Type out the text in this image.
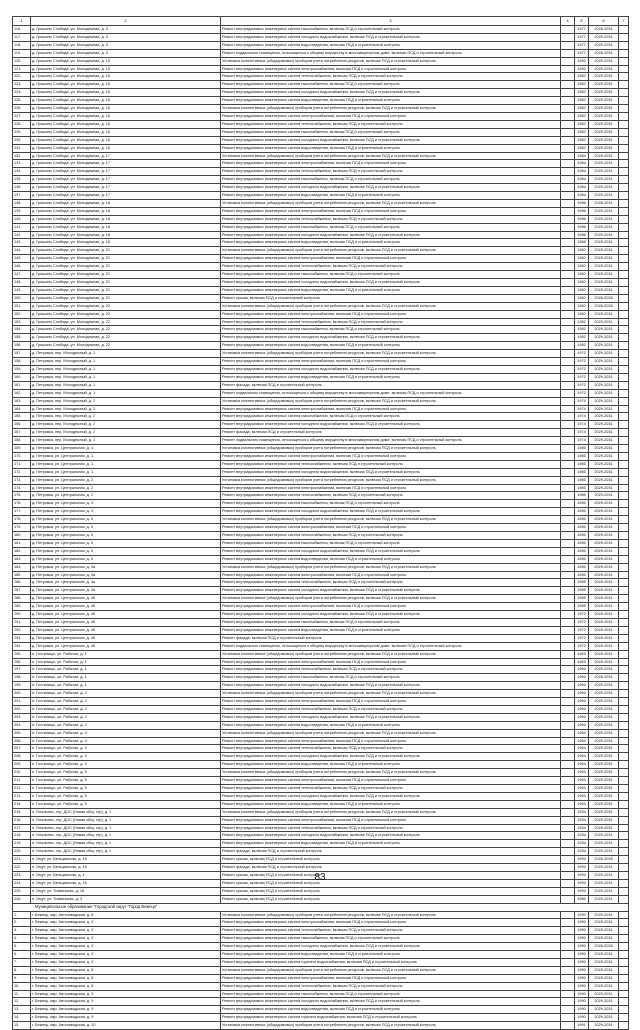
1	2	3	4	5	6	7
116.	д. Гришино Слобода, ул. Молодежная, д. 3	Ремонт внутридомовых инженерных систем газоснабжения, включая ПСД и строительный контроль		1977	2028-2031	
117.	д. Гришино Слобода, ул. Молодежная, д. 3	Ремонт внутридомовых инженерных систем холодного водоснабжения, включая ПСД и строительный контроль		1977	2029-2031	
118.	д. Гришино Слобода, ул. Молодежная, д. 3	Ремонт внутридомовых инженерных систем водоотведения, включая ПСД и строительный контроль		1977	2029-2031	
119.	д. Гришино Слобода, ул. Молодежная, д. 3	Ремонт подвального помещения, относящегося к общему имуществу в многоквартирном доме, включая ПСД и строительный контроль		1977	2028-2031	
120.	д. Гришино Слобода, ул. Молодежная, д. 15	Установка коллективных (общедомовых) приборов учета потребления ресурсов, включая ПСД и строительный контроль		1982	2029-2031	
121.	д. Гришино Слобода, ул. Молодежная, д. 15	Ремонт внутридомовых инженерных систем электроснабжения, включая ПСД и строительный контроль		1982	2029-2031	
122.	д. Гришино Слобода, ул. Молодежная, д. 15	Ремонт внутридомовых инженерных систем теплоснабжения, включая ПСД и строительный контроль		1982	2029-2031	
123.	д. Гришино Слобода, ул. Молодежная, д. 15	Ремонт внутридомовых инженерных систем газоснабжения, включая ПСД и строительный контроль		1982	2029-2031	
124.	д. Гришино Слобода, ул. Молодежная, д. 15	Ремонт внутридомовых инженерных систем холодного водоснабжения, включая ПСД и строительный контроль		1982	2029-2031	
125.	д. Гришино Слобода, ул. Молодежная, д. 15	Ремонт внутридомовых инженерных систем водоотведения, включая ПСД и строительный контроль		1982	2029-2031	
126.	д. Гришино Слобода, ул. Молодежная, д. 16	Установка коллективных (общедомовых) приборов учета потребления ресурсов, включая ПСД и строительный контроль		1982	2029-2031	
127.	д. Гришино Слобода, ул. Молодежная, д. 16	Ремонт внутридомовых инженерных систем электроснабжения, включая ПСД и строительный контроль		1982	2029-2031	
128.	д. Гришино Слобода, ул. Молодежная, д. 16	Ремонт внутридомовых инженерных систем теплоснабжения, включая ПСД и строительный контроль		1982	2029-2031	
129.	д. Гришино Слобода, ул. Молодежная, д. 16	Ремонт внутридомовых инженерных систем газоснабжения, включая ПСД и строительный контроль		1982	2029-2031	
130.	д. Гришино Слобода, ул. Молодежная, д. 16	Ремонт внутридомовых инженерных систем холодного водоснабжения, включая ПСД и строительный контроль		1982	2029-2031	
131.	д. Гришино Слобода, ул. Молодежная, д. 16	Ремонт внутридомовых инженерных систем водоотведения, включая ПСД и строительный контроль		1982	2029-2031	
132.	д. Гришино Слобода, ул. Молодежная, д. 17	Установка коллективных (общедомовых) приборов учета потребления ресурсов, включая ПСД и строительный контроль		1984	2029-2031	
133.	д. Гришино Слобода, ул. Молодежная, д. 17	Ремонт внутридомовых инженерных систем электроснабжения, включая ПСД и строительный контроль		1984	2029-2031	
134.	д. Гришино Слобода, ул. Молодежная, д. 17	Ремонт внутридомовых инженерных систем теплоснабжения, включая ПСД и строительный контроль		1984	2029-2031	
135.	д. Гришино Слобода, ул. Молодежная, д. 17	Ремонт внутридомовых инженерных систем газоснабжения, включая ПСД и строительный контроль		1984	2029-2031	
136.	д. Гришино Слобода, ул. Молодежная, д. 17	Ремонт внутридомовых инженерных систем холодного водоснабжения, включая ПСД и строительный контроль		1984	2029-2031	
137.	д. Гришино Слобода, ул. Молодежная, д. 17	Ремонт внутридомовых инженерных систем водоотведения, включая ПСД и строительный контроль		1984	2029-2031	
138.	д. Гришино Слобода, ул. Молодежная, д. 18	Установка коллективных (общедомовых) приборов учета потребления ресурсов, включая ПСД и строительный контроль		1986	2028-2031	
139.	д. Гришино Слобода, ул. Молодежная, д. 18	Ремонт внутридомовых инженерных систем электроснабжения, включая ПСД и строительный контроль		1986	2029-2031	
140.	д. Гришино Слобода, ул. Молодежная, д. 18	Ремонт внутридомовых инженерных систем теплоснабжения, включая ПСД и строительный контроль		1986	2029-2031	
141.	д. Гришино Слобода, ул. Молодежная, д. 18	Ремонт внутридомовых инженерных систем газоснабжения, включая ПСД и строительный контроль		1986	2029-2031	
142.	д. Гришино Слобода, ул. Молодежная, д. 18	Ремонт внутридомовых инженерных систем холодного водоснабжения, включая ПСД и строительный контроль		1986	2029-2031	
143.	д. Гришино Слобода, ул. Молодежная, д. 18	Ремонт внутридомовых инженерных систем водоотведения, включая ПСД и строительный контроль		1986	2029-2031	
144.	д. Гришино Слобода, ул. Молодежная, д. 21	Установка коллективных (общедомовых) приборов учета потребления ресурсов, включая ПСД и строительный контроль		1982	2029-2031	
145.	д. Гришино Слобода, ул. Молодежная, д. 21	Ремонт внутридомовых инженерных систем электроснабжения, включая ПСД и строительный контроль		1982	2029-2031	
146.	д. Гришино Слобода, ул. Молодежная, д. 21	Ремонт внутридомовых инженерных систем теплоснабжения, включая ПСД и строительный контроль		1982	2029-2031	
147.	д. Гришино Слобода, ул. Молодежная, д. 21	Ремонт внутридомовых инженерных систем газоснабжения, включая ПСД и строительный контроль		1982	2029-2031	
148.	д. Гришино Слобода, ул. Молодежная, д. 21	Ремонт внутридомовых инженерных систем холодного водоснабжения, включая ПСД и строительный контроль		1982	2029-2031	
149.	д. Гришино Слобода, ул. Молодежная, д. 21	Ремонт внутридомовых инженерных систем водоотведения, включая ПСД и строительный контроль		1982	2029-2031	
150.	д. Гришино Слобода, ул. Молодежная, д. 21	Ремонт крыши, включая ПСД и строительный контроль		1982	2026-2028	
151.	д. Гришино Слобода, ул. Молодежная, д. 22	Установка коллективных (общедомовых) приборов учета потребления ресурсов, включая ПСД и строительный контроль		1982	2026-2028	
152.	д. Гришино Слобода, ул. Молодежная, д. 22	Ремонт внутридомовых инженерных систем электроснабжения, включая ПСД и строительный контроль		1982	2029-2031	
153.	д. Гришино Слобода, ул. Молодежная, д. 22	Ремонт внутридомовых инженерных систем теплоснабжения, включая ПСД и строительный контроль		1982	2029-2031	
154.	д. Гришино Слобода, ул. Молодежная, д. 22	Ремонт внутридомовых инженерных систем газоснабжения, включая ПСД и строительный контроль		1982	2029-2031	
155.	д. Гришино Слобода, ул. Молодежная, д. 22	Ремонт внутридомовых инженерных систем холодного водоснабжения, включая ПСД и строительный контроль		1982	2029-2031	
156.	д. Гришино Слобода, ул. Молодежная, д. 22	Ремонт внутридомовых инженерных систем водоотведения, включая ПСД и строительный контроль		1982	2029-2031	
157.	д. Петровка, пер. Молодежный, д. 1	Установка коллективных (общедомовых) приборов учета потребления ресурсов, включая ПСД и строительный контроль		1972	2029-2031	
158.	д. Петровка, пер. Молодежный, д. 1	Ремонт внутридомовых инженерных систем электроснабжения, включая ПСД и строительный контроль		1972	2029-2031	
159.	д. Петровка, пер. Молодежный, д. 1	Ремонт внутридомовых инженерных систем холодного водоснабжения, включая ПСД и строительный контроль		1972	2029-2031	
160.	д. Петровка, пер. Молодежный, д. 1	Ремонт внутридомовых инженерных систем водоотведения, включая ПСД и строительный контроль		1972	2029-2031	
161.	д. Петровка, пер. Молодежный, д. 1	Ремонт фасада, включая ПСД и строительный контроль		1972	2029-2031	
162.	д. Петровка, пер. Молодежный, д. 1	Ремонт подвального помещения, относящегося к общему имуществу в многоквартирном доме, включая ПСД и строительный контроль		1972	2029-2031	
163.	д. Петровка, пер. Молодежный, д. 2	Установка коллективных (общедомовых) приборов учета потребления ресурсов, включая ПСД и строительный контроль		1974	2029-2031	
164.	д. Петровка, пер. Молодежный, д. 2	Ремонт внутридомовых инженерных систем электроснабжения, включая ПСД и строительный контроль		1974	2029-2031	
165.	д. Петровка, пер. Молодежный, д. 2	Ремонт внутридомовых инженерных систем газоснабжения, включая ПСД и строительный контроль		1974	2029-2031	
166.	д. Петровка, пер. Молодежный, д. 2	Ремонт внутридомовых инженерных систем холодного водоснабжения, включая ПСД и строительный контроль		1974	2029-2031	
167.	д. Петровка, пер. Молодежный, д. 2	Ремонт фасада, включая ПСД и строительный контроль		1974	2029-2031	
168.	д. Петровка, пер. Молодежный, д. 2	Ремонт подвального помещения, относящегося к общему имуществу в многоквартирном доме, включая ПСД и строительный контроль		1974	2029-2031	
169.	д. Петровка, ул. Центральная, д. 1	Установка коллективных (общедомовых) приборов учета потребления ресурсов, включая ПСД и строительный контроль		1985	2029-2031	
170.	д. Петровка, ул. Центральная, д. 1	Ремонт внутридомовых инженерных систем электроснабжения, включая ПСД и строительный контроль		1985	2029-2031	
171.	д. Петровка, ул. Центральная, д. 1	Ремонт внутридомовых инженерных систем теплоснабжения, включая ПСД и строительный контроль		1985	2029-2031	
172.	д. Петровка, ул. Центральная, д. 1	Ремонт внутридомовых инженерных систем холодного водоснабжения, включая ПСД и строительный контроль		1985	2029-2031	
173.	д. Петровка, ул. Центральная, д. 2	Установка коллективных (общедомовых) приборов учета потребления ресурсов, включая ПСД и строительный контроль		1985	2029-2031	
174.	д. Петровка, ул. Центральная, д. 2	Ремонт внутридомовых инженерных систем электроснабжения, включая ПСД и строительный контроль		1985	2029-2031	
175.	д. Петровка, ул. Центральная, д. 2	Ремонт внутридомовых инженерных систем теплоснабжения, включая ПСД и строительный контроль		1985	2029-2031	
176.	д. Петровка, ул. Центральная, д. 2	Ремонт внутридомовых инженерных систем газоснабжения, включая ПСД и строительный контроль		1985	2029-2031	
177.	д. Петровка, ул. Центральная, д. 2	Ремонт внутридомовых инженерных систем холодного водоснабжения, включая ПСД и строительный контроль		1985	2029-2031	
178.	д. Петровка, ул. Центральная, д. 4	Установка коллективных (общедомовых) приборов учета потребления ресурсов, включая ПСД и строительный контроль		1985	2029-2031	
179.	д. Петровка, ул. Центральная, д. 4	Ремонт внутридомовых инженерных систем электроснабжения, включая ПСД и строительный контроль		1985	2029-2031	
180.	д. Петровка, ул. Центральная, д. 4	Ремонт внутридомовых инженерных систем теплоснабжения, включая ПСД и строительный контроль		1985	2029-2031	
181.	д. Петровка, ул. Центральная, д. 4	Ремонт внутридомовых инженерных систем газоснабжения, включая ПСД и строительный контроль		1985	2029-2031	
182.	д. Петровка, ул. Центральная, д. 4	Ремонт внутридомовых инженерных систем холодного водоснабжения, включая ПСД и строительный контроль		1985	2029-2031	
183.	д. Петровка, ул. Центральная, д. 4	Ремонт внутридомовых инженерных систем водоотведения, включая ПСД и строительный контроль		1985	2029-2031	
184.	д. Петровка, ул. Центральная, д. 4а	Установка коллективных (общедомовых) приборов учета потребления ресурсов, включая ПСД и строительный контроль		1985	2029-2031	
185.	д. Петровка, ул. Центральная, д. 4а	Ремонт внутридомовых инженерных систем электроснабжения, включая ПСД и строительный контроль		1985	2029-2031	
186.	д. Петровка, ул. Центральная, д. 4а	Ремонт внутридомовых инженерных систем теплоснабжения, включая ПСД и строительный контроль		1985	2029-2031	
187.	д. Петровка, ул. Центральная, д. 4а	Ремонт внутридомовых инженерных систем холодного водоснабжения, включая ПСД и строительный контроль		1985	2029-2031	
188.	д. Петровка, ул. Центральная, д. 4б	Установка коллективных (общедомовых) приборов учета потребления ресурсов, включая ПСД и строительный контроль		1985	2029-2031	
189.	д. Петровка, ул. Центральная, д. 4б	Ремонт внутридомовых инженерных систем электроснабжения, включая ПСД и строительный контроль		1985	2029-2031	
190.	д. Петровка, ул. Центральная, д. 4б	Ремонт внутридомовых инженерных систем холодного водоснабжения, включая ПСД и строительный контроль		1972	2029-2031	
191.	д. Петровка, ул. Центральная, д. 4б	Ремонт внутридомовых инженерных систем газоснабжения, включая ПСД и строительный контроль		1972	2029-2031	
192.	д. Петровка, ул. Центральная, д. 4б	Ремонт внутридомовых инженерных систем водоотведения, включая ПСД и строительный контроль		1972	2029-2031	
193.	д. Петровка, ул. Центральная, д. 4б	Ремонт фасада, включая ПСД и строительный контроль		1972	2029-2031	
194.	д. Петровка, ул. Центральная, д. 4б	Ремонт подвального помещения, относящегося к общему имуществу в многоквартирном доме, включая ПСД и строительный контроль		1972	2029-2031	
195.	п. Гостилицы, ул. Рабочая, д. 1	Установка коллективных (общедомовых) приборов учета потребления ресурсов, включая ПСД и строительный контроль		1963	2029-2031	
196.	п. Гостилицы, ул. Рабочая, д. 1	Ремонт внутридомовых инженерных систем электроснабжения, включая ПСД и строительный контроль		1963	2029-2031	
197.	п. Гостилицы, ул. Рабочая, д. 1	Ремонт внутридомовых инженерных систем теплоснабжения, включая ПСД и строительный контроль		1963	2029-2031	
198.	п. Гостилицы, ул. Рабочая, д. 1	Ремонт внутридомовых инженерных систем газоснабжения, включая ПСД и строительный контроль		1963	2028-2031	
199.	п. Гостилицы, ул. Рабочая, д. 1	Ремонт внутридомовых инженерных систем холодного водоснабжения, включая ПСД и строительный контроль		1963	2029-2031	
200.	п. Гостилицы, ул. Рабочая, д. 2	Установка коллективных (общедомовых) приборов учета потребления ресурсов, включая ПСД и строительный контроль		1963	2029-2031	
201.	п. Гостилицы, ул. Рабочая, д. 2	Ремонт внутридомовых инженерных систем электроснабжения, включая ПСД и строительный контроль		1963	2029-2031	
202.	п. Гостилицы, ул. Рабочая, д. 2	Ремонт внутридомовых инженерных систем теплоснабжения, включая ПСД и строительный контроль		1963	2029-2031	
203.	п. Гостилицы, ул. Рабочая, д. 2	Ремонт внутридомовых инженерных систем холодного водоснабжения, включая ПСД и строительный контроль		1963	2029-2031	
204.	п. Гостилицы, ул. Рабочая, д. 2	Ремонт внутридомовых инженерных систем водоотведения, включая ПСД и строительный контроль		1963	2029-2031	
205.	п. Гостилицы, ул. Рабочая, д. 4	Установка коллективных (общедомовых) приборов учета потребления ресурсов, включая ПСД и строительный контроль		1964	2029-2031	
206.	п. Гостилицы, ул. Рабочая, д. 4	Ремонт внутридомовых инженерных систем электроснабжения, включая ПСД и строительный контроль		1964	2029-2031	
207.	п. Гостилицы, ул. Рабочая, д. 4	Ремонт внутридомовых инженерных систем теплоснабжения, включая ПСД и строительный контроль		1964	2029-2031	
208.	п. Гостилицы, ул. Рабочая, д. 4	Ремонт внутридомовых инженерных систем холодного водоснабжения, включая ПСД и строительный контроль		1964	2029-2031	
209.	п. Гостилицы, ул. Рабочая, д. 4	Ремонт внутридомовых инженерных систем водоотведения, включая ПСД и строительный контроль		1964	2029-2031	
210.	п. Гостилицы, ул. Рабочая, д. 5	Установка коллективных (общедомовых) приборов учета потребления ресурсов, включая ПСД и строительный контроль		1963	2029-2031	
211.	п. Гостилицы, ул. Рабочая, д. 5	Ремонт внутридомовых инженерных систем электроснабжения, включая ПСД и строительный контроль		1963	2029-2031	
212.	п. Гостилицы, ул. Рабочая, д. 5	Ремонт внутридомовых инженерных систем теплоснабжения, включая ПСД и строительный контроль		1963	2029-2031	
213.	п. Гостилицы, ул. Рабочая, д. 5	Ремонт внутридомовых инженерных систем холодного водоснабжения, включая ПСД и строительный контроль		1963	2029-2031	
214.	п. Гостилицы, ул. Рабочая, д. 5	Ремонт внутридомовых инженерных систем водоотведения, включая ПСД и строительный контроль		1963	2029-2031	
215.	п. Опольево, стр. ДОС (Новая общ. стр), д. 1	Установка коллективных (общедомовых) приборов учета потребления ресурсов, включая ПСД и строительный контроль		1934	2029-2031	
216.	п. Опольево, стр. ДОС (Новая общ. стр), д. 1	Ремонт внутридомовых инженерных систем электроснабжения, включая ПСД и строительный контроль		1934	2029-2031	
217.	п. Опольево, стр. ДОС (Новая общ. стр), д. 1	Ремонт внутридомовых инженерных систем теплоснабжения, включая ПСД и строительный контроль		1934	2029-2031	
218.	п. Опольево, стр. ДОС (Новая общ. стр), д. 1	Ремонт внутридомовых инженерных систем холодного водоснабжения, включая ПСД и строительный контроль		1934	2029-2031	
219.	п. Опольево, стр. ДОС (Новая общ. стр), д. 1	Ремонт внутридомовых инженерных систем водоотведения, включая ПСД и строительный контроль		1934	2029-2031	
220.	п. Опольево, стр. ДОС (Новая общ. стр), д. 1	Ремонт фасада, включая ПСД и строительный контроль		1934	2029-2031	
221.	п. Омут, ул. Бельцинская, д. 18	Ремонт крыши, включая ПСД и строительный контроль		1993	2026-2028	
222.	п. Омут, ул. Бельцинская, д. 18	Ремонт фасада, включая ПСД и строительный контроль		1993	2029-2031	
223.	п. Омут, ул. Бельцинская, д. 1	Ремонт крыши, включая ПСД и строительный контроль		1993	2029-2031	
224.	п. Омут, ул. Бельцинская, д. 16	Ремонт крыши, включая ПСД и строительный контроль		1993	2029-2031	
225.	п. Омут, ул. Тихвинская, д. 18	Ремонт крыши, включая ПСД и строительный контроль		1993	2029-2031	
226.	п. Омут, ул. Тихвинская, д. 3	Ремонт крыши, включая ПСД и строительный контроль		1985	2029-2031	
Муниципальное образование "Городской округ "Город Бежецк"						
1.	г. Бежецк, мкр. Автозаводская, д. 6	Установка коллективных (общедомовых) приборов учета потребления ресурсов, включая ПСД и строительный контроль		1990	2029-2031	
2.	г. Бежецк, мкр. Автозаводская, д. 6	Ремонт внутридомовых инженерных систем электроснабжения, включая ПСД и строительный контроль		1990	2029-2031	
3.	г. Бежецк, мкр. Автозаводская, д. 6	Ремонт внутридомовых инженерных систем теплоснабжения, включая ПСД и строительный контроль		1990	2029-2031	
4.	г. Бежецк, мкр. Автозаводская, д. 6	Ремонт внутридомовых инженерных систем газоснабжения, включая ПСД и строительный контроль		1990	2029-2031	
5.	г. Бежецк, мкр. Автозаводская, д. 6	Ремонт внутридомовых инженерных систем холодного водоснабжения, включая ПСД и строительный контроль		1990	2026-2028	
6.	г. Бежецк, мкр. Автозаводская, д. 6	Ремонт внутридомовых инженерных систем водоотведения, включая ПСД и строительный контроль		1990	2029-2031	
7.	г. Бежецк, мкр. Автозаводская, д. 6	Ремонт внутридомовых инженерных систем горячего водоснабжения, включая ПСД и строительный контроль		1990	2029-2031	
8.	г. Бежецк, мкр. Автозаводская, д. 8	Установка коллективных (общедомовых) приборов учета потребления ресурсов, включая ПСД и строительный контроль		1990	2029-2031	
9.	г. Бежецк, мкр. Автозаводская, д. 8	Ремонт внутридомовых инженерных систем электроснабжения, включая ПСД и строительный контроль		1990	2029-2031	
10.	г. Бежецк, мкр. Автозаводская, д. 8	Ремонт внутридомовых инженерных систем теплоснабжения, включая ПСД и строительный контроль		1990	2029-2031	
11.	г. Бежецк, мкр. Автозаводская, д. 9	Ремонт внутридомовых инженерных систем газоснабжения, включая ПСД и строительный контроль		1990	2029-2031	
12.	г. Бежецк, мкр. Автозаводская, д. 9	Ремонт внутридомовых инженерных систем холодного водоснабжения, включая ПСД и строительный контроль		1990	2029-2031	
13.	г. Бежецк, мкр. Автозаводская, д. 9	Ремонт внутридомовых инженерных систем водоотведения, включая ПСД и строительный контроль		1990	2029-2031	
14.	г. Бежецк, мкр. Автозаводская, д. 9	Ремонт внутридомовых инженерных систем горячего водоснабжения, включая ПСД и строительный контроль		1990	2029-2031	
15.	г. Бежецк, мкр. Автозаводская, д. 10	Установка коллективных (общедомовых) приборов учета потребления ресурсов, включая ПСД и строительный контроль		1991	2029-2031	
83
